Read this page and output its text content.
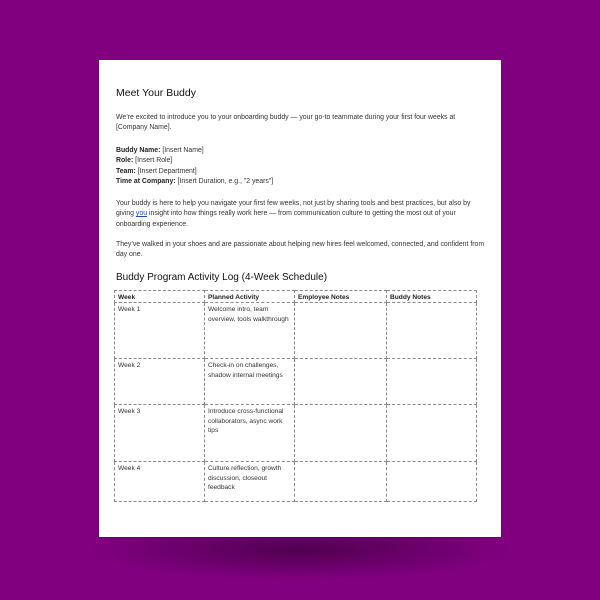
Meet Your Buddy
We’re excited to introduce you to your onboarding buddy — your go-to teammate during your first four weeks at [Company Name].
Buddy Name: [Insert Name]
Role: [Insert Role]
Team: [Insert Department]
Time at Company: [Insert Duration, e.g., "2 years"]
Your buddy is here to help you navigate your first few weeks, not just by sharing tools and best practices, but also by giving you insight into how things really work here — from communication culture to getting the most out of your onboarding experience.
They’ve walked in your shoes and are passionate about helping new hires feel welcomed, connected, and confident from day one.
Buddy Program Activity Log (4-Week Schedule)
Week	Planned Activity	Employee Notes	Buddy Notes
Week 1	Welcome intro, team overview, tools walkthrough		
Week 2	Check-in on challenges, shadow internal meetings		
Week 3	Introduce cross-functional collaborators, async work tips		
Week 4	Culture reflection, growth discussion, closeout feedback		
